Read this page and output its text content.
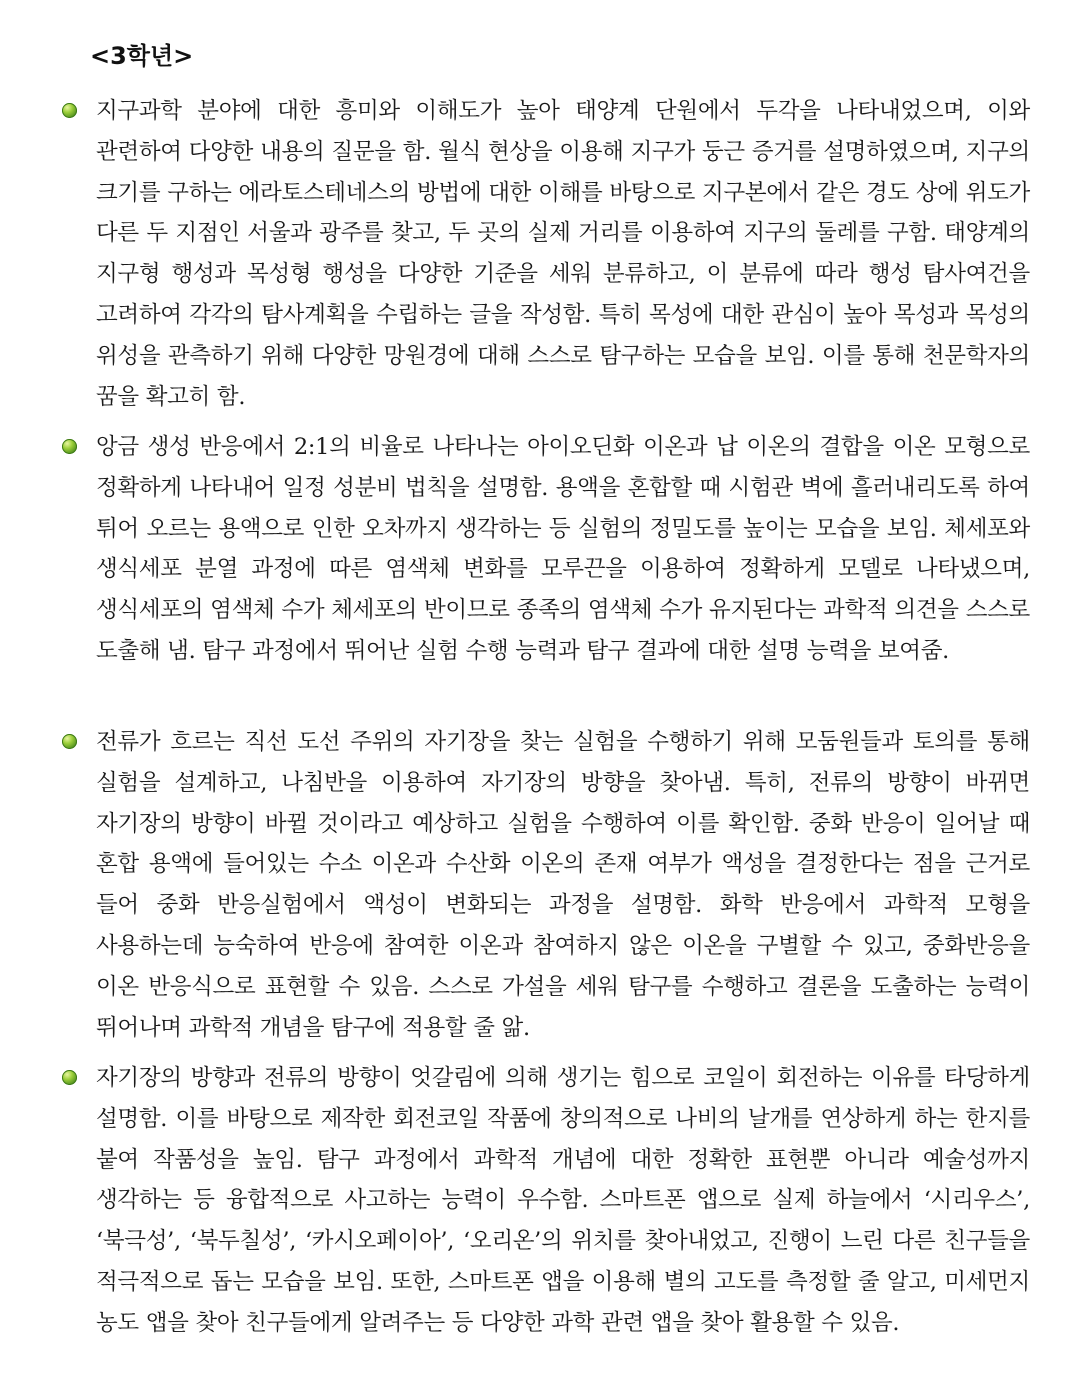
<3학년>
지구과학 분야에 대한 흥미와 이해도가 높아 태양계 단원에서 두각을 나타내었으며, 이와 관련하여 다양한 내용의 질문을 함. 월식 현상을 이용해 지구가 둥근 증거를 설명하였으며, 지구의 크기를 구하는 에라토스테네스의 방법에 대한 이해를 바탕으로 지구본에서 같은 경도 상에 위도가 다른 두 지점인 서울과 광주를 찾고, 두 곳의 실제 거리를 이용하여 지구의 둘레를 구함. 태양계의 지구형 행성과 목성형 행성을 다양한 기준을 세워 분류하고, 이 분류에 따라 행성 탐사여건을 고려하여 각각의 탐사계획을 수립하는 글을 작성함. 특히 목성에 대한 관심이 높아 목성과 목성의 위성을 관측하기 위해 다양한 망원경에 대해 스스로 탐구하는 모습을 보임. 이를 통해 천문학자의 꿈을 확고히 함.
앙금 생성 반응에서 2:1의 비율로 나타나는 아이오딘화 이온과 납 이온의 결합을 이온 모형으로 정확하게 나타내어 일정 성분비 법칙을 설명함. 용액을 혼합할 때 시험관 벽에 흘러내리도록 하여 튀어 오르는 용액으로 인한 오차까지 생각하는 등 실험의 정밀도를 높이는 모습을 보임. 체세포와 생식세포 분열 과정에 따른 염색체 변화를 모루끈을 이용하여 정확하게 모델로 나타냈으며, 생식세포의 염색체 수가 체세포의 반이므로 종족의 염색체 수가 유지된다는 과학적 의견을 스스로 도출해 냄. 탐구 과정에서 뛰어난 실험 수행 능력과 탐구 결과에 대한 설명 능력을 보여줌.
전류가 흐르는 직선 도선 주위의 자기장을 찾는 실험을 수행하기 위해 모둠원들과 토의를 통해 실험을 설계하고, 나침반을 이용하여 자기장의 방향을 찾아냄. 특히, 전류의 방향이 바뀌면 자기장의 방향이 바뀔 것이라고 예상하고 실험을 수행하여 이를 확인함. 중화 반응이 일어날 때 혼합 용액에 들어있는 수소 이온과 수산화 이온의 존재 여부가 액성을 결정한다는 점을 근거로 들어 중화 반응실험에서 액성이 변화되는 과정을 설명함. 화학 반응에서 과학적 모형을 사용하는데 능숙하여 반응에 참여한 이온과 참여하지 않은 이온을 구별할 수 있고, 중화반응을 이온 반응식으로 표현할 수 있음. 스스로 가설을 세워 탐구를 수행하고 결론을 도출하는 능력이 뛰어나며 과학적 개념을 탐구에 적용할 줄 앎.
자기장의 방향과 전류의 방향이 엇갈림에 의해 생기는 힘으로 코일이 회전하는 이유를 타당하게 설명함. 이를 바탕으로 제작한 회전코일 작품에 창의적으로 나비의 날개를 연상하게 하는 한지를 붙여 작품성을 높임. 탐구 과정에서 과학적 개념에 대한 정확한 표현뿐 아니라 예술성까지 생각하는 등 융합적으로 사고하는 능력이 우수함. 스마트폰 앱으로 실제 하늘에서 ‘시리우스’, ‘북극성’, ‘북두칠성’, ‘카시오페이아’, ‘오리온’의 위치를 찾아내었고, 진행이 느린 다른 친구들을 적극적으로 돕는 모습을 보임. 또한, 스마트폰 앱을 이용해 별의 고도를 측정할 줄 알고, 미세먼지 농도 앱을 찾아 친구들에게 알려주는 등 다양한 과학 관련 앱을 찾아 활용할 수 있음.
